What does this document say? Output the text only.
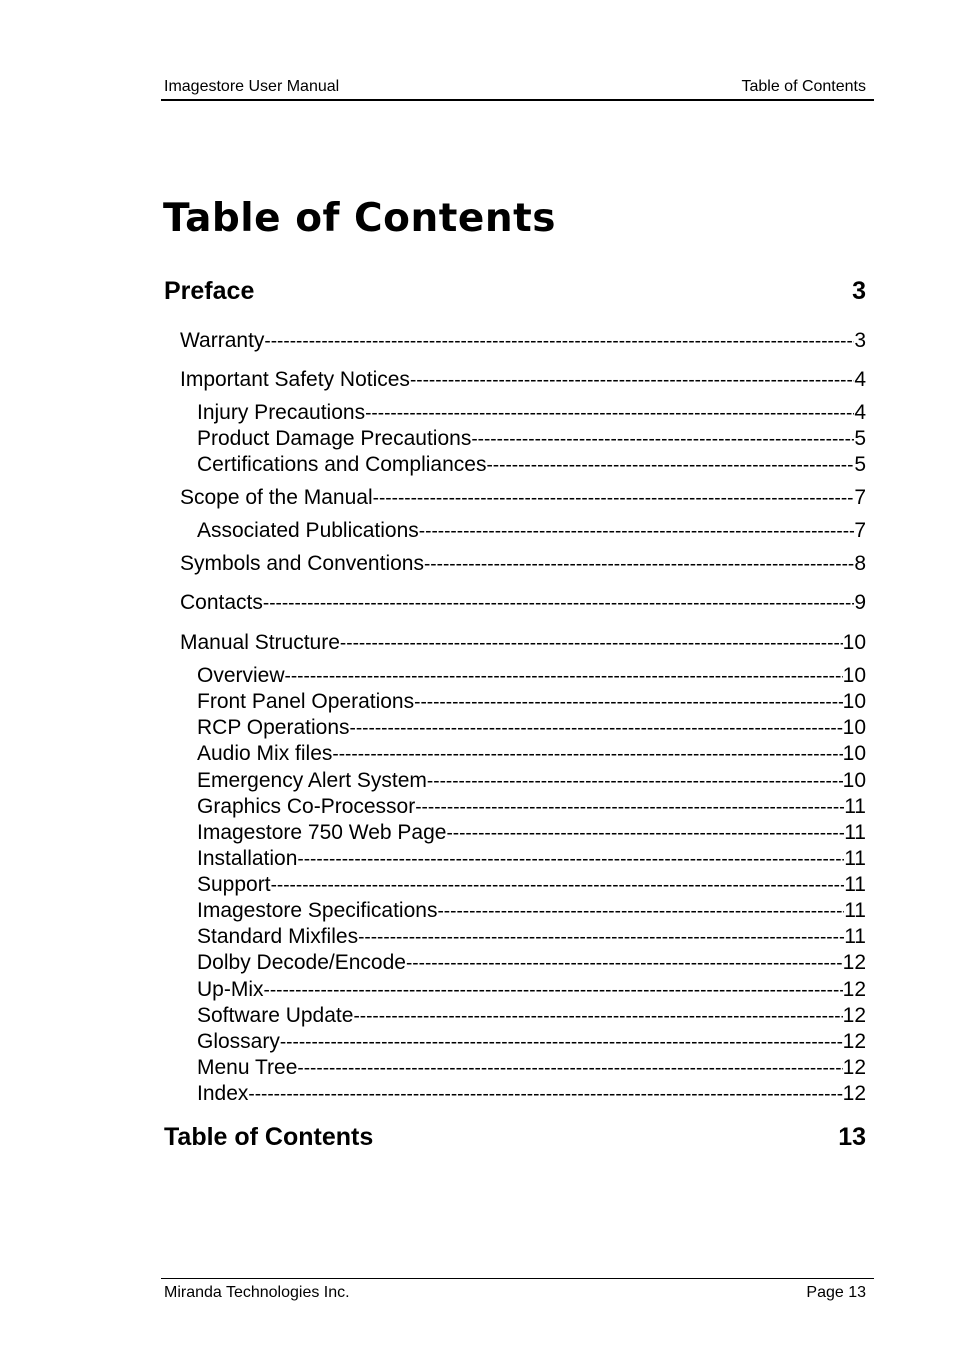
Imagestore User Manual	Table of Contents
Table of Contents
Preface	3
Warranty -----	3
Important Safety Notices -----	4
Injury Precautions -----	4
Product Damage Precautions -----	5
Certifications and Compliances -----	5
Scope of the Manual -----	7
Associated Publications -----	7
Symbols and Conventions -----	8
Contacts -----	9
Manual Structure -----	10
Overview -----	10
Front Panel Operations -----	10
RCP Operations -----	10
Audio Mix files -----	10
Emergency Alert System -----	10
Graphics Co-Processor -----	11
Imagestore 750 Web Page -----	11
Installation -----	11
Support -----	11
Imagestore Specifications -----	11
Standard Mixfiles -----	11
Dolby Decode/Encode -----	12
Up-Mix -----	12
Software Update -----	12
Glossary -----	12
Menu Tree -----	12
Index -----	12
Table of Contents	13
Miranda Technologies Inc.	Page 13
